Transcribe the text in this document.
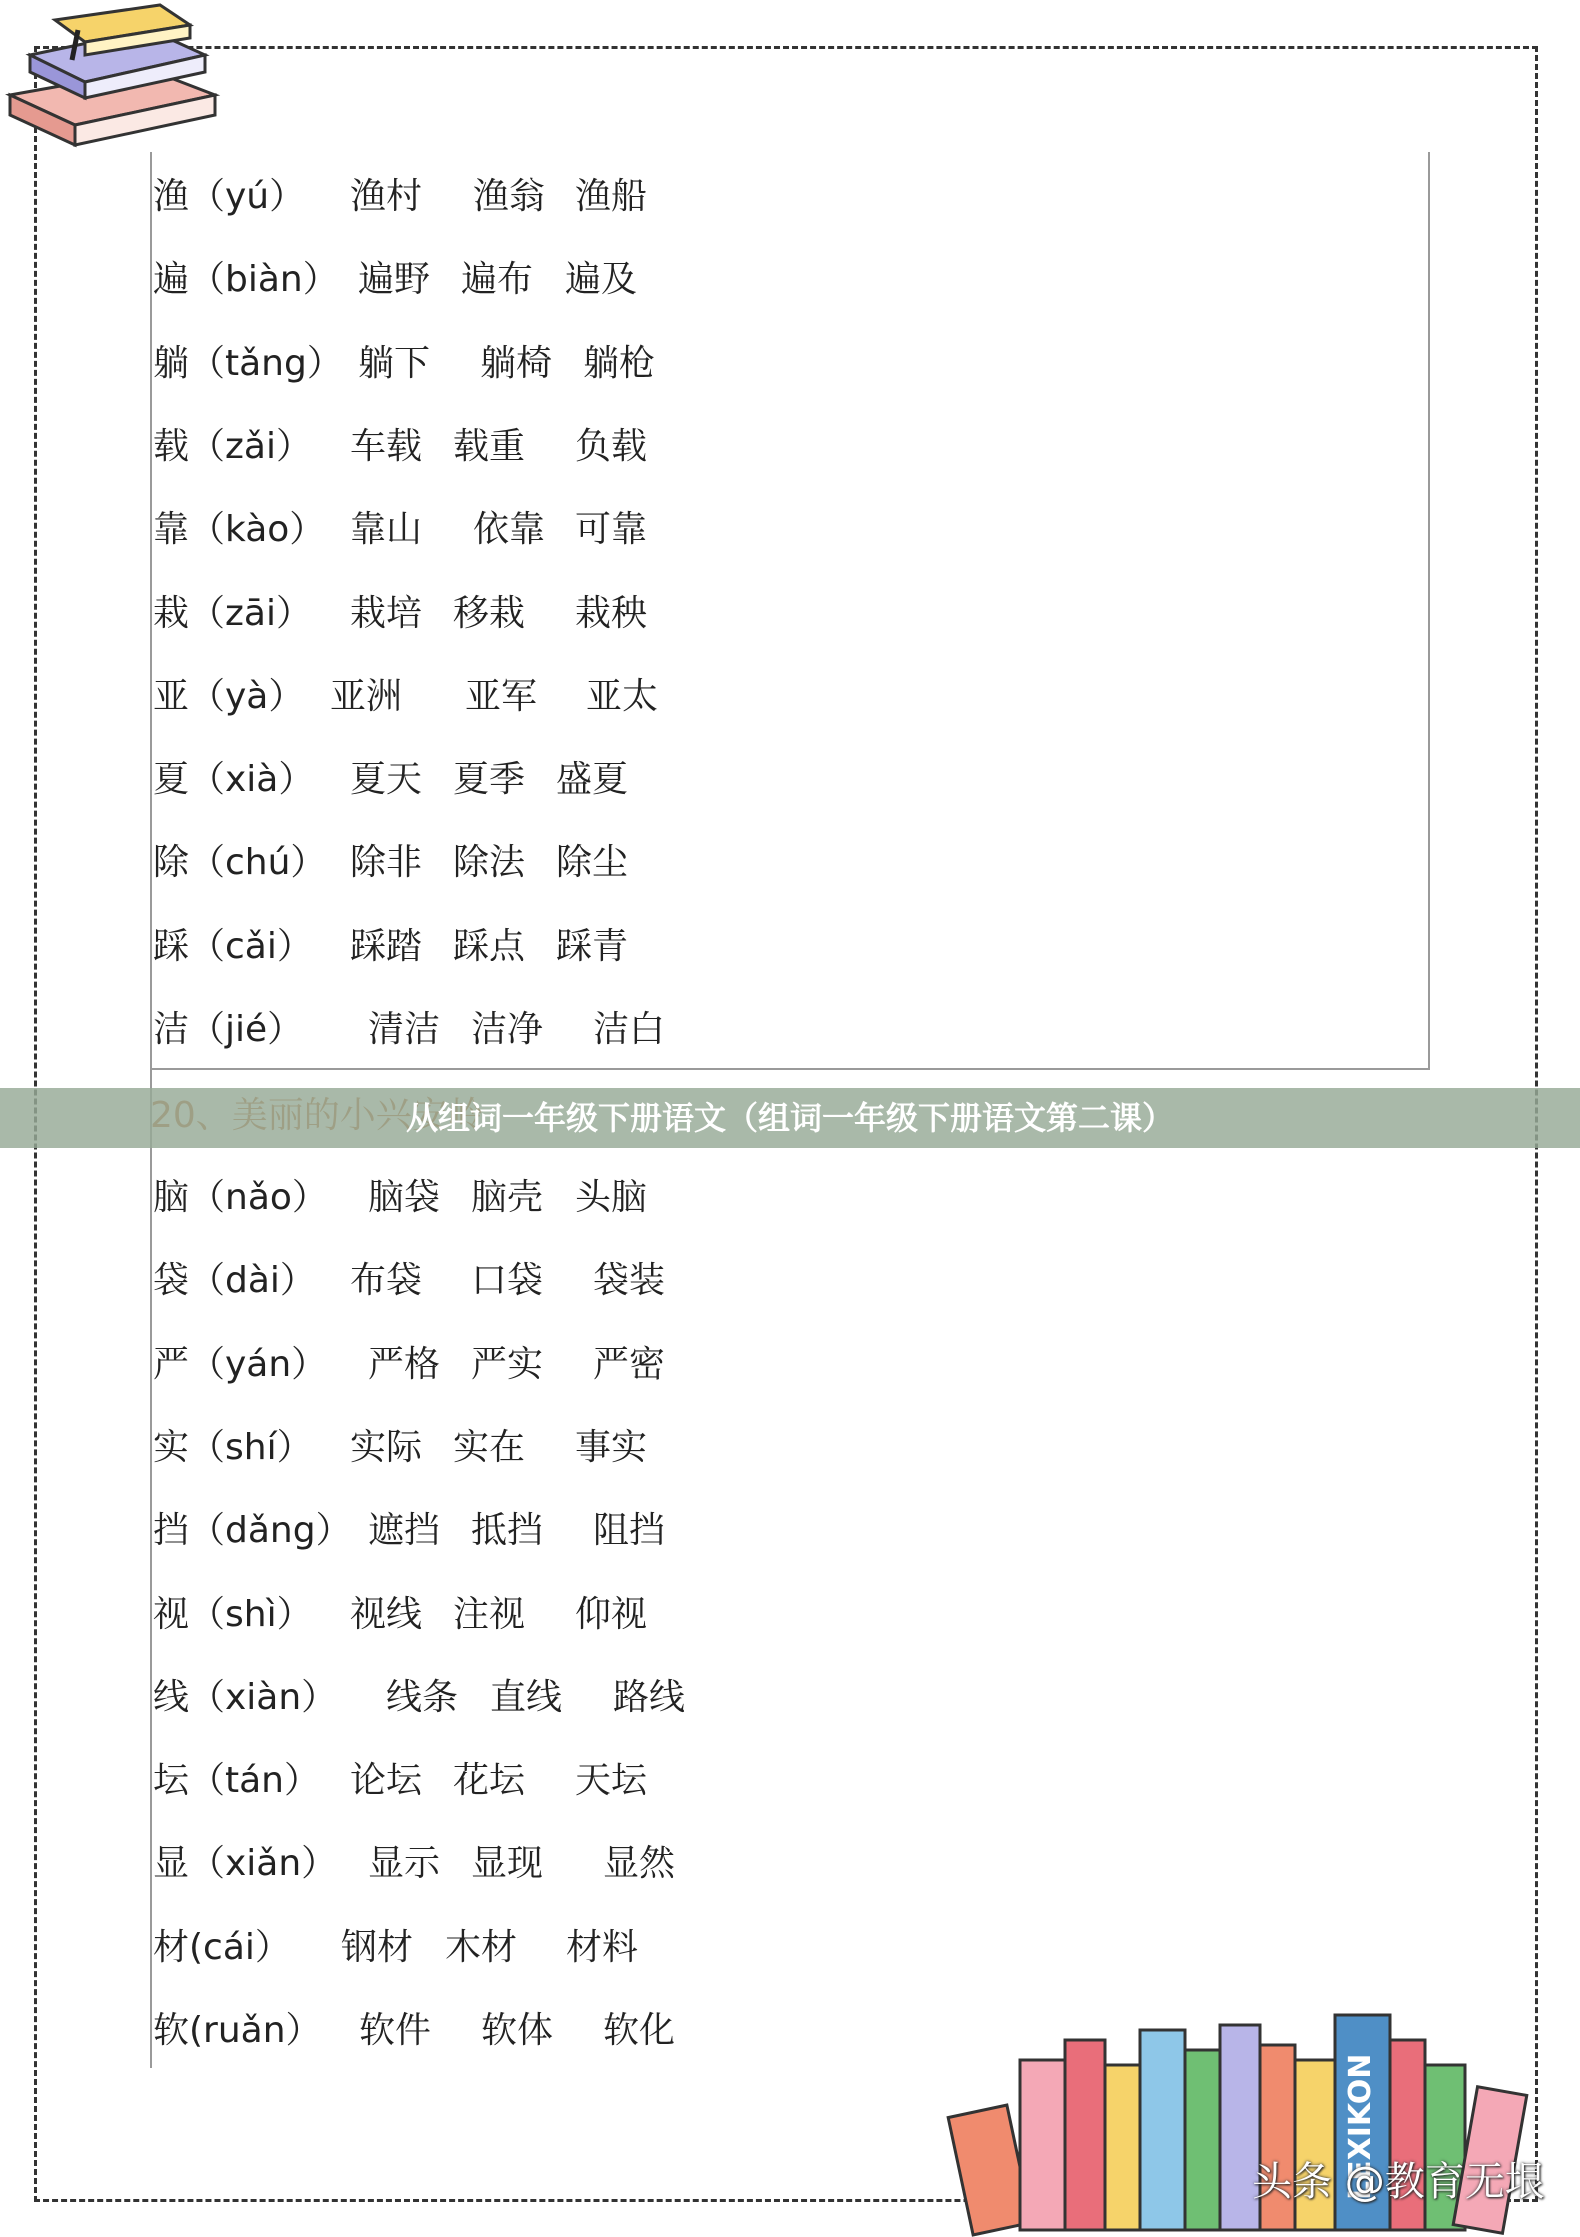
渔（yú） 渔村 渔翁 渔船
遍（biàn） 遍野 遍布 遍及
躺（tǎng） 躺下 躺椅 躺枪
载（zǎi） 车载 载重 负载
靠（kào） 靠山 依靠 可靠
栽（zāi） 栽培 移栽 栽秧
亚（yà） 亚洲 亚军 亚太
夏（xià） 夏天 夏季 盛夏
除（chú） 除非 除法 除尘
踩（cǎi） 踩踏 踩点 踩青
洁（jié） 清洁 洁净 洁白
从组词一年级下册语文（组词一年级下册语文第二课）
脑（nǎo） 脑袋 脑壳 头脑
袋（dài） 布袋 口袋 袋装
严（yán） 严格 严实 严密
实（shí） 实际 实在 事实
挡（dǎng） 遮挡 抵挡 阻挡
视（shì） 视线 注视 仰视
线（xiàn） 线条 直线 路线
坛（tán） 论坛 花坛 天坛
显（xiǎn） 显示 显现 显然
材(cái） 钢材 木材 材料
软(ruǎn） 软件 软体 软化
LEXIKON
头条 @教育无垠
